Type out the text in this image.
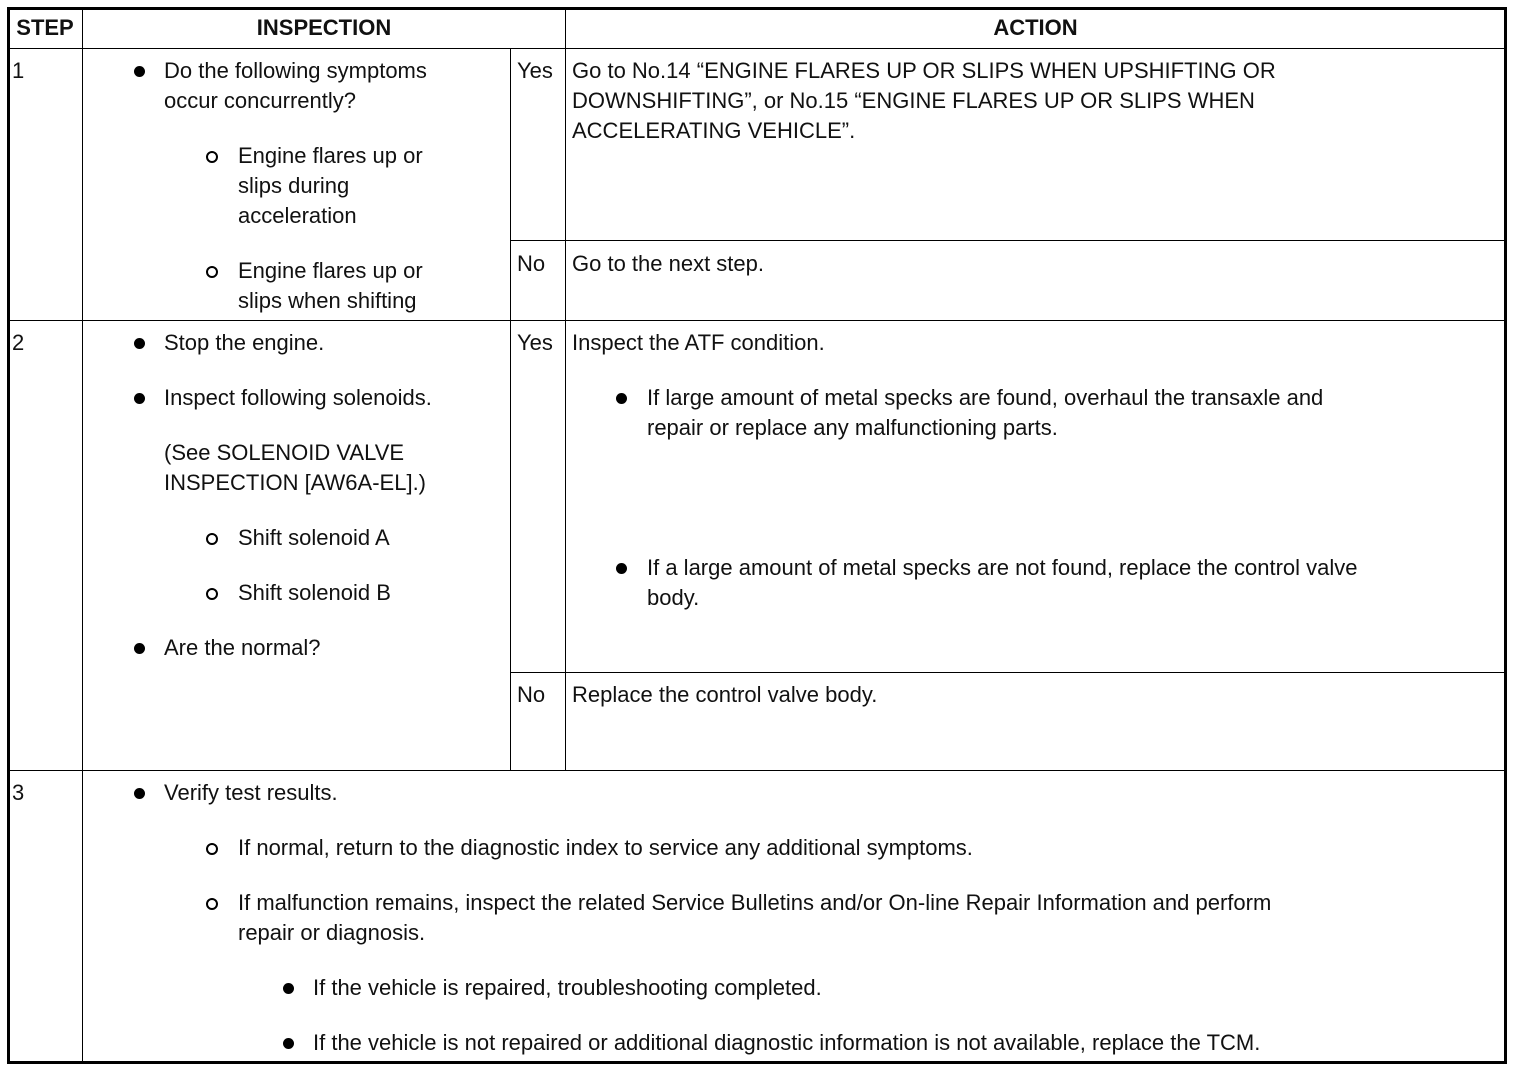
STEP	INSPECTION	ACTION
1	Do the following symptoms
occur concurrently?
Engine flares up or
slips during
acceleration
Engine flares up or
slips when shifting
Yes Go to No.14 “ENGINE FLARES UP OR SLIPS WHEN UPSHIFTING OR
DOWNSHIFTING”, or No.15 “ENGINE FLARES UP OR SLIPS WHEN
ACCELERATING VEHICLE”.
No Go to the next step.
2	Stop the engine.
Inspect following solenoids.
(See SOLENOID VALVE
INSPECTION [AW6A-EL].)
Shift solenoid A
Shift solenoid B
Are the normal?
Yes Inspect the ATF condition.
If large amount of metal specks are found, overhaul the transaxle and
repair or replace any malfunctioning parts.
If a large amount of metal specks are not found, replace the control valve
body.
No Replace the control valve body.
3	Verify test results.
If normal, return to the diagnostic index to service any additional symptoms.
If malfunction remains, inspect the related Service Bulletins and/or On-line Repair Information and perform
repair or diagnosis.
If the vehicle is repaired, troubleshooting completed.
If the vehicle is not repaired or additional diagnostic information is not available, replace the TCM.
